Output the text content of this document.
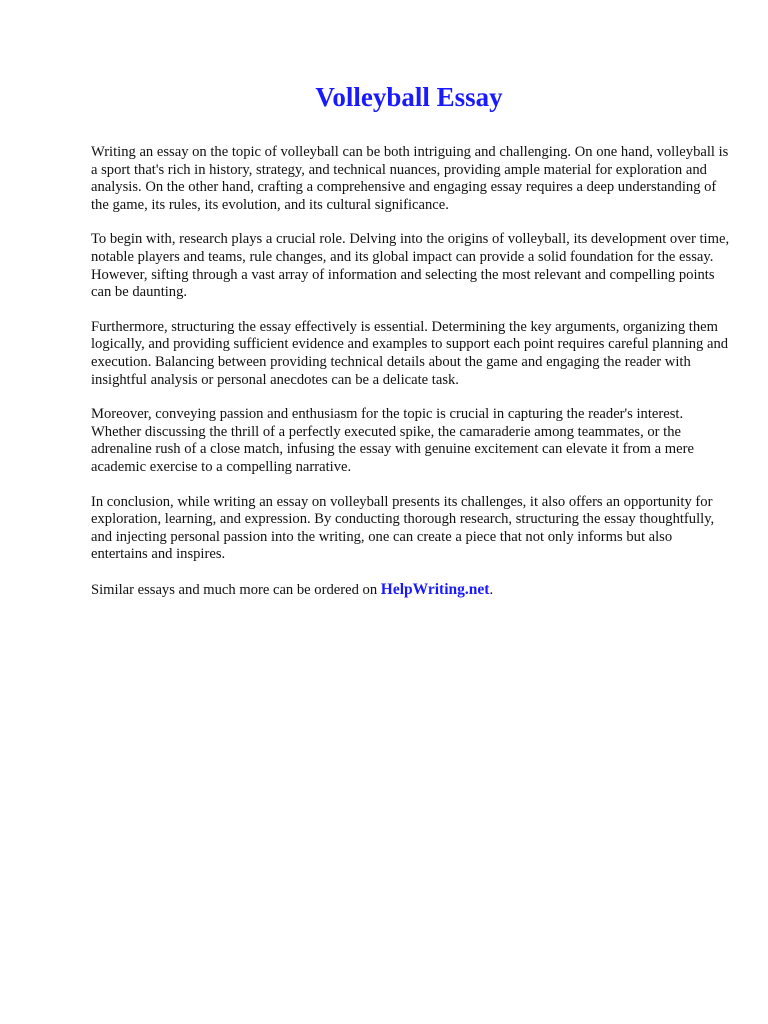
Volleyball Essay

Writing an essay on the topic of volleyball can be both intriguing and challenging. On one hand, volleyball is a sport that's rich in history, strategy, and technical nuances, providing ample material for exploration and analysis. On the other hand, crafting a comprehensive and engaging essay requires a deep understanding of the game, its rules, its evolution, and its cultural significance.

To begin with, research plays a crucial role. Delving into the origins of volleyball, its development over time, notable players and teams, rule changes, and its global impact can provide a solid foundation for the essay. However, sifting through a vast array of information and selecting the most relevant and compelling points can be daunting.

Furthermore, structuring the essay effectively is essential. Determining the key arguments, organizing them logically, and providing sufficient evidence and examples to support each point requires careful planning and execution. Balancing between providing technical details about the game and engaging the reader with insightful analysis or personal anecdotes can be a delicate task.

Moreover, conveying passion and enthusiasm for the topic is crucial in capturing the reader's interest. Whether discussing the thrill of a perfectly executed spike, the camaraderie among teammates, or the adrenaline rush of a close match, infusing the essay with genuine excitement can elevate it from a mere academic exercise to a compelling narrative.

In conclusion, while writing an essay on volleyball presents its challenges, it also offers an opportunity for exploration, learning, and expression. By conducting thorough research, structuring the essay thoughtfully, and injecting personal passion into the writing, one can create a piece that not only informs but also entertains and inspires.

Similar essays and much more can be ordered on HelpWriting.net.
